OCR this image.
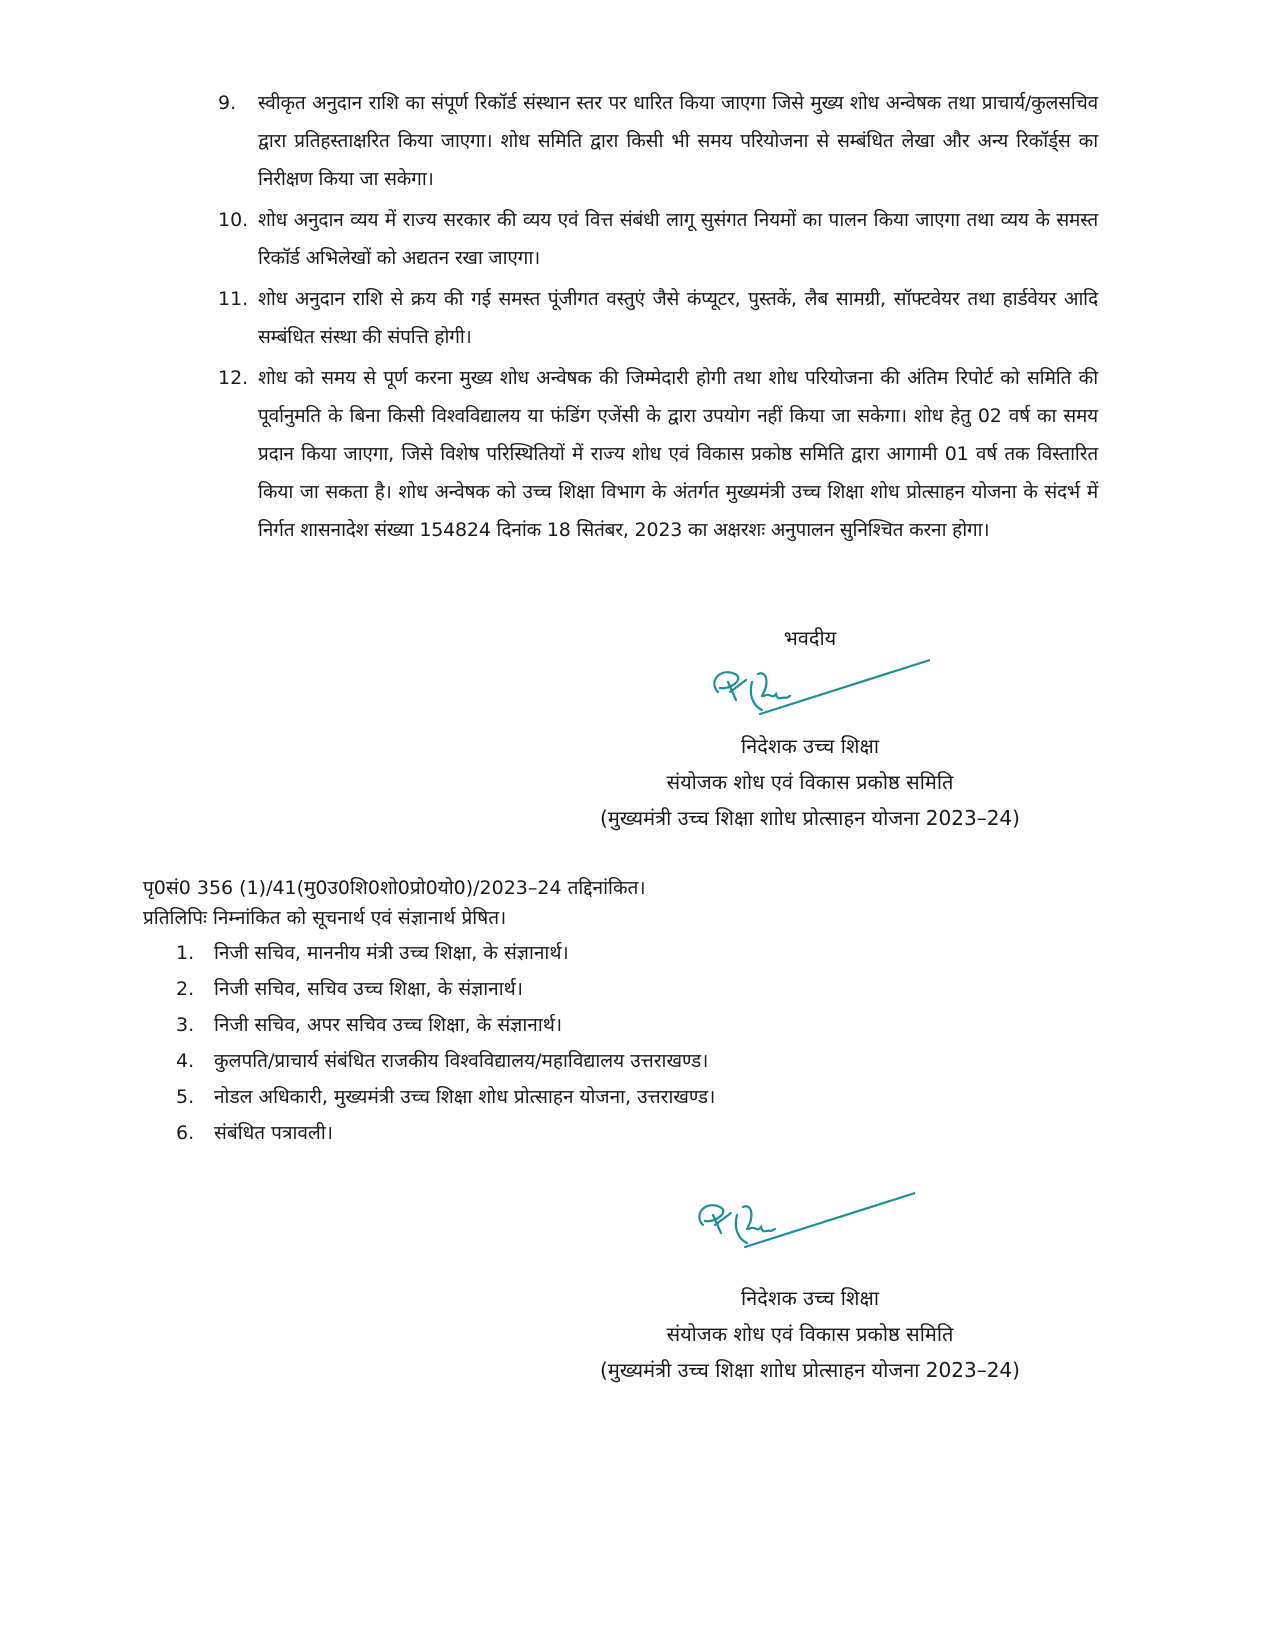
9.	स्वीकृत अनुदान राशि का संपूर्ण रिकॉर्ड संस्थान स्तर पर धारित किया जाएगा जिसे मुख्य शोध अन्वेषक तथा प्राचार्य/कुलसचिव द्वारा प्रतिहस्ताक्षरित किया जाएगा। शोध समिति द्वारा किसी भी समय परियोजना से सम्बंधित लेखा और अन्य रिकॉर्ड्स का निरीक्षण किया जा सकेगा।
10. शोध अनुदान व्यय में राज्य सरकार की व्यय एवं वित्त संबंधी लागू सुसंगत नियमों का पालन किया जाएगा तथा व्यय के समस्त रिकॉर्ड अभिलेखों को अद्यतन रखा जाएगा।
11. शोध अनुदान राशि से क्रय की गई समस्त पूंजीगत वस्तुएं जैसे कंप्यूटर, पुस्तकें, लैब सामग्री, सॉफ्टवेयर तथा हार्डवेयर आदि सम्बंधित संस्था की संपत्ति होगी।
12. शोध को समय से पूर्ण करना मुख्य शोध अन्वेषक की जिम्मेदारी होगी तथा शोध परियोजना की अंतिम रिपोर्ट को समिति की पूर्वानुमति के बिना किसी विश्वविद्यालय या फंडिंग एजेंसी के द्वारा उपयोग नहीं किया जा सकेगा। शोध हेतु 02 वर्ष का समय प्रदान किया जाएगा, जिसे विशेष परिस्थितियों में राज्य शोध एवं विकास प्रकोष्ठ समिति द्वारा आगामी 01 वर्ष तक विस्तारित किया जा सकता है। शोध अन्वेषक को उच्च शिक्षा विभाग के अंतर्गत मुख्यमंत्री उच्च शिक्षा शोध प्रोत्साहन योजना के संदर्भ में निर्गत शासनादेश संख्या 154824 दिनांक 18 सितंबर, 2023 का अक्षरशः अनुपालन सुनिश्चित करना होगा।
भवदीय
निदेशक उच्च शिक्षा
संयोजक शोध एवं विकास प्रकोष्ठ समिति
(मुख्यमंत्री उच्च शिक्षा शाोध प्रोत्साहन योजना 2023–24)
पृ0सं0 356 (1)/41(मु0उ0शि0शो0प्रो0यो0)/2023–24 तद्दिनांकित।
प्रतिलिपिः निम्नांकित को सूचनार्थ एवं संज्ञानार्थ प्रेषित।
1.	निजी सचिव, माननीय मंत्री उच्च शिक्षा, के संज्ञानार्थ।
2.	निजी सचिव, सचिव उच्च शिक्षा, के संज्ञानार्थ।
3.	निजी सचिव, अपर सचिव उच्च शिक्षा, के संज्ञानार्थ।
4.	कुलपति/प्राचार्य संबंधित राजकीय विश्वविद्यालय/महाविद्यालय उत्तराखण्ड।
5.	नोडल अधिकारी, मुख्यमंत्री उच्च शिक्षा शोध प्रोत्साहन योजना, उत्तराखण्ड।
6.	संबंधित पत्रावली।
निदेशक उच्च शिक्षा
संयोजक शोध एवं विकास प्रकोष्ठ समिति
(मुख्यमंत्री उच्च शिक्षा शाोध प्रोत्साहन योजना 2023–24)
